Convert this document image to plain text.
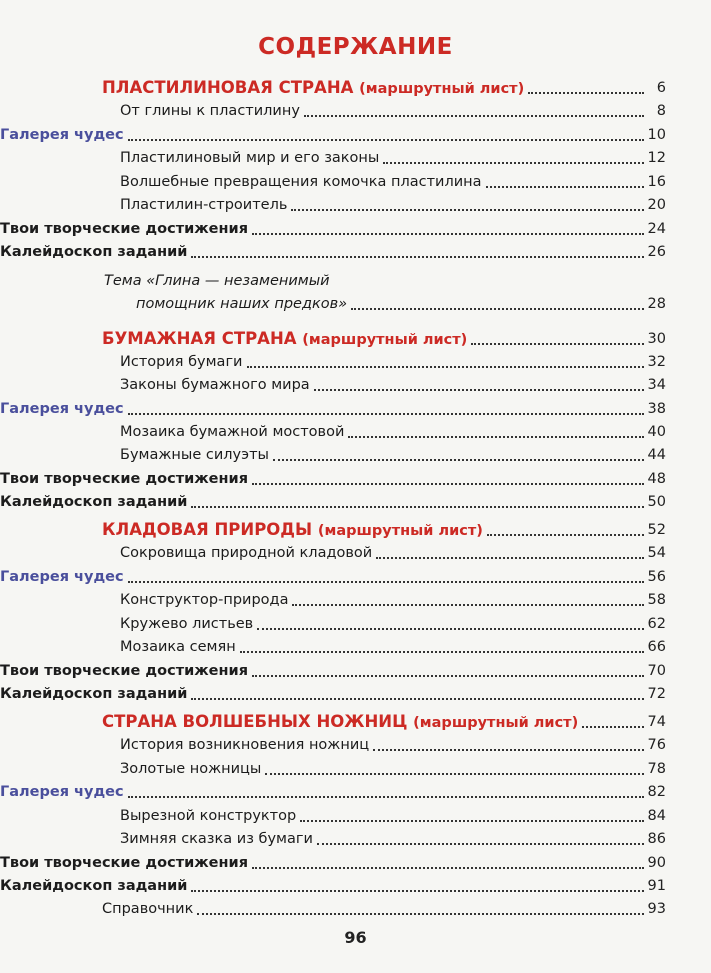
СОДЕРЖАНИЕ
ПЛАСТИЛИНОВАЯ СТРАНА (маршрутный лист)	6
От глины к пластилину	8
Галерея чудес	10
Пластилиновый мир и его законы	12
Волшебные превращения комочка пластилина	16
Пластилин-строитель	20
Твои творческие достижения	24
Калейдоскоп заданий	26
Тема «Глина — незаменимый
помощник наших предков»	28
БУМАЖНАЯ СТРАНА (маршрутный лист)	30
История бумаги	32
Законы бумажного мира	34
Галерея чудес	38
Мозаика бумажной мостовой	40
Бумажные силуэты	44
Твои творческие достижения	48
Калейдоскоп заданий	50
КЛАДОВАЯ ПРИРОДЫ (маршрутный лист)	52
Сокровища природной кладовой	54
Галерея чудес	56
Конструктор-природа	58
Кружево листьев	62
Мозаика семян	66
Твои творческие достижения	70
Калейдоскоп заданий	72
СТРАНА ВОЛШЕБНЫХ НОЖНИЦ (маршрутный лист)	74
История возникновения ножниц	76
Золотые ножницы	78
Галерея чудес	82
Вырезной конструктор	84
Зимняя сказка из бумаги	86
Твои творческие достижения	90
Калейдоскоп заданий	91
Справочник	93
96
